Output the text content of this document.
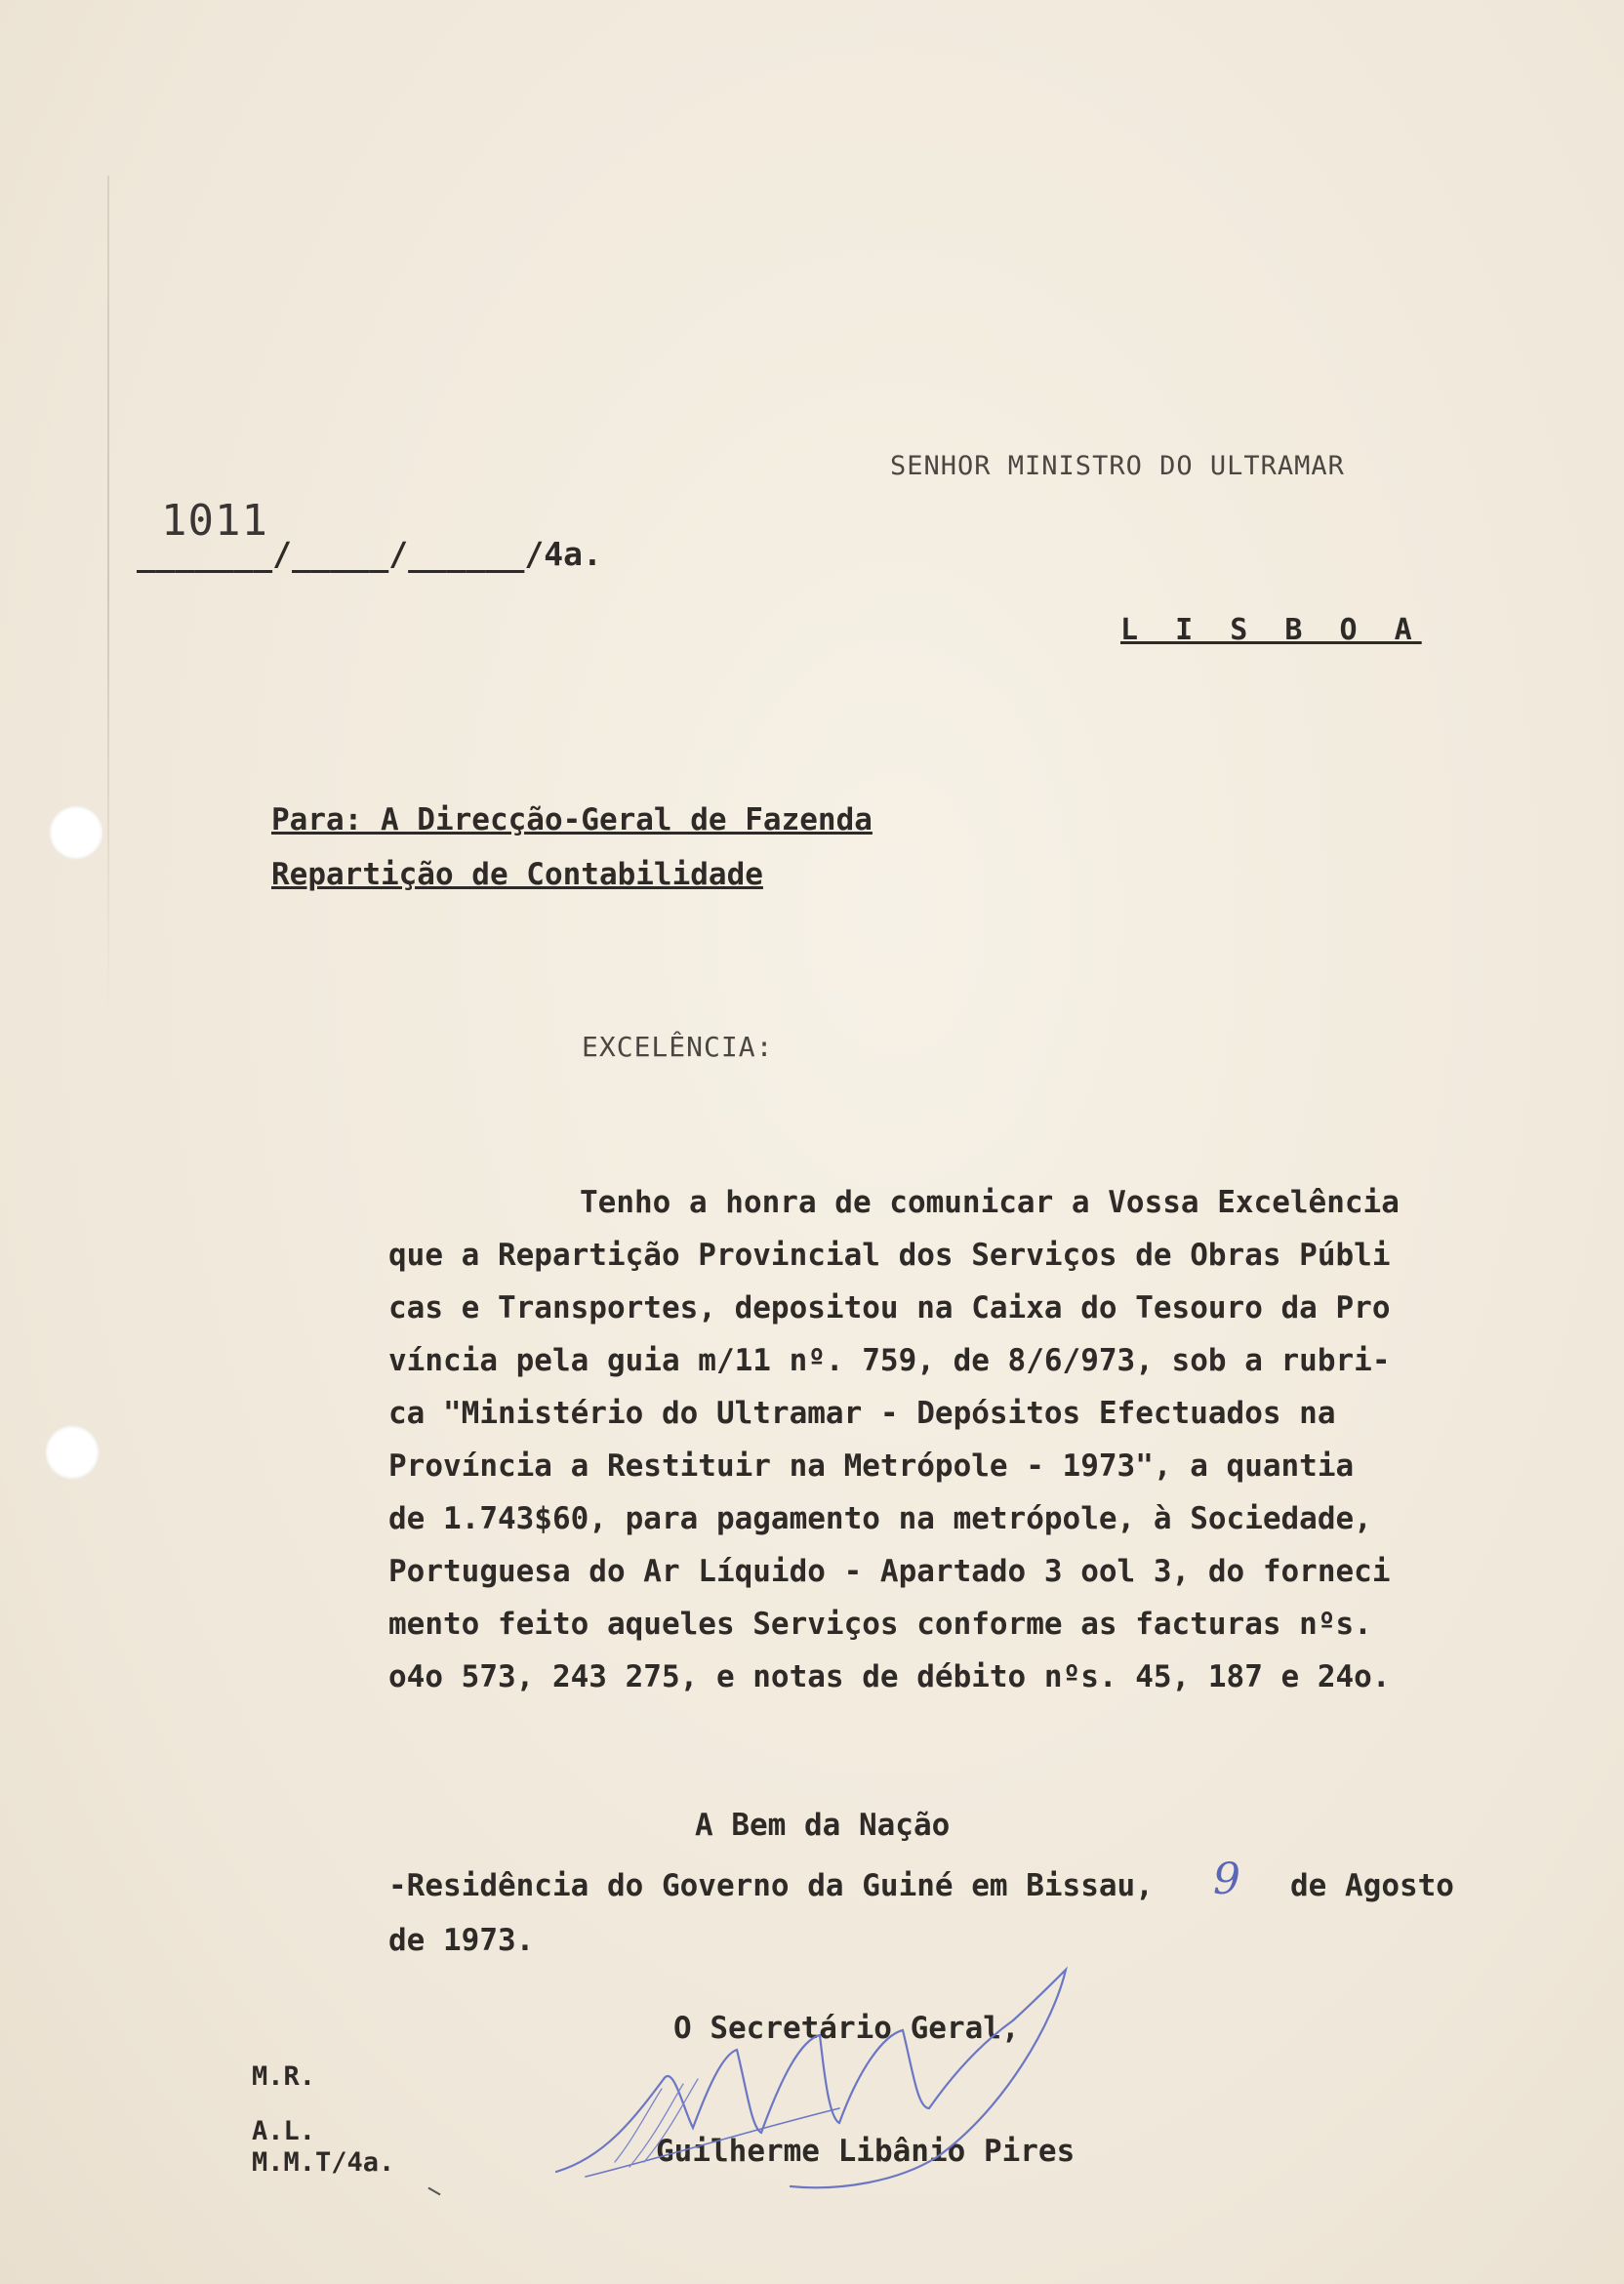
SENHOR MINISTRO DO ULTRAMAR
1011
_______/_____/______/4a.
L I S B O A
Para: A Direcção-Geral de Fazenda
Repartição de Contabilidade
EXCELÊNCIA:
Tenho a honra de comunicar a Vossa Excelência
que a Repartição Provincial dos Serviços de Obras Públi
cas e Transportes, depositou na Caixa do Tesouro da Pro
víncia pela guia m/11 nº. 759, de 8/6/973, sob a rubri-
ca "Ministério do Ultramar - Depósitos Efectuados na
Província a Restituir na Metrópole - 1973", a quantia
de 1.743$60, para pagamento na metrópole, à Sociedade,
Portuguesa do Ar Líquido - Apartado 3 ool 3, do forneci
mento feito aqueles Serviços conforme as facturas nºs.
o4o 573, 243 275, e notas de débito nºs. 45, 187 e 24o.
A Bem da Nação
-Residência do Governo da Guiné em Bissau, 9 de Agosto
de 1973.
O Secretário Geral,
Guilherme Libânio Pires
M.R.
A.L.
M.M.T/4a.
